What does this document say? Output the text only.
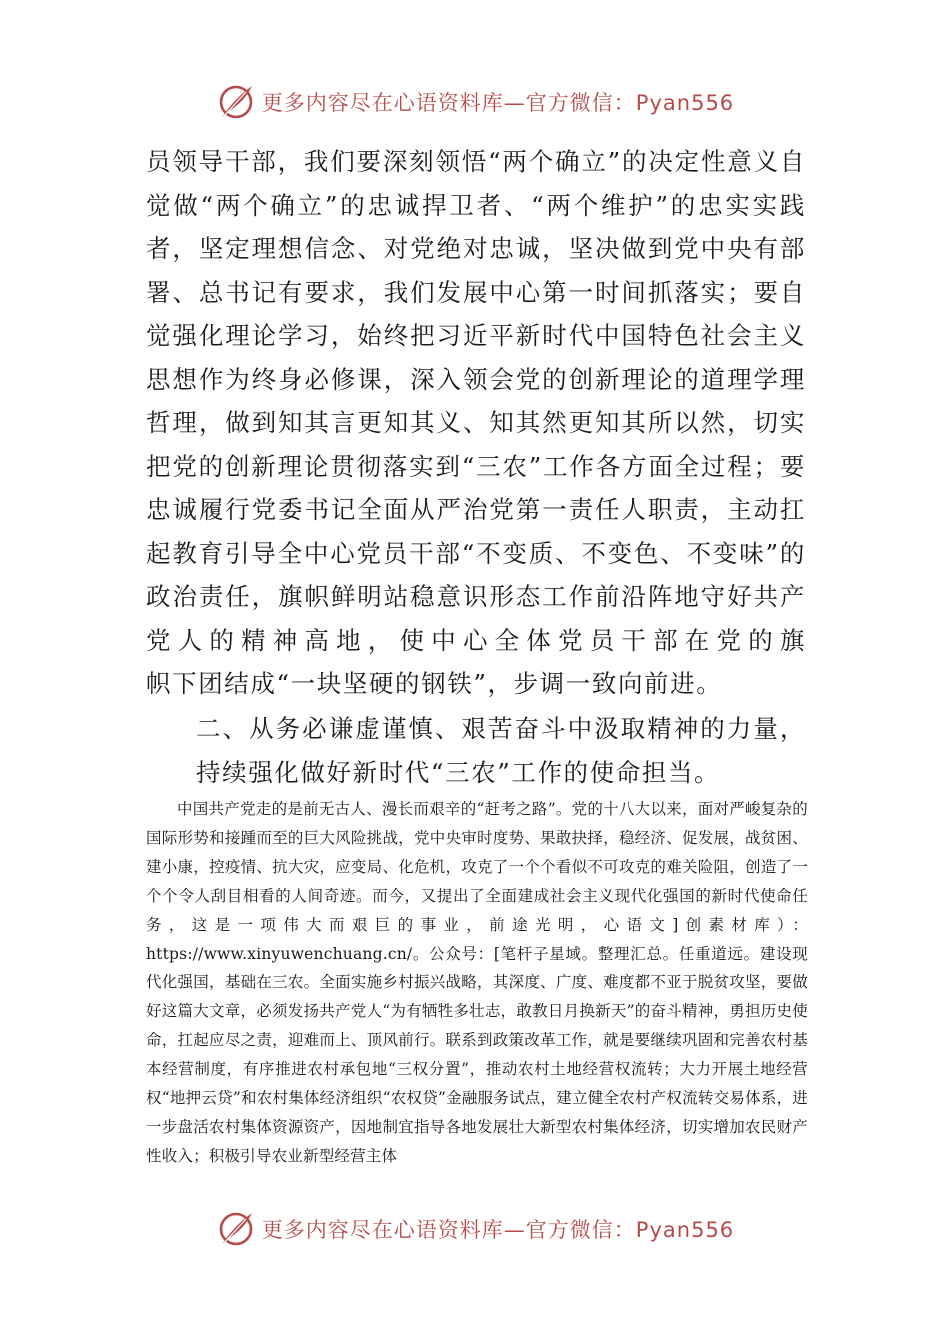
更多内容尽在心语资料库—官方微信：Pyan556

员领导干部，我们要深刻领悟“两个确立”的决定性意义自觉做“两个确立”的忠诚捍卫者、“两个维护”的忠实实践者，坚定理想信念、对党绝对忠诚，坚决做到党中央有部署、总书记有要求，我们发展中心第一时间抓落实；要自觉强化理论学习，始终把习近平新时代中国特色社会主义思想作为终身必修课，深入领会党的创新理论的道理学理哲理，做到知其言更知其义、知其然更知其所以然，切实把党的创新理论贯彻落实到“三农”工作各方面全过程；要忠诚履行党委书记全面从严治党第一责任人职责，主动扛起教育引导全中心党员干部“不变质、不变色、不变味”的政治责任，旗帜鲜明站稳意识形态工作前沿阵地守好共产党人的精神高地，使中心全体党员干部在党的旗
帜下团结成“一块坚硬的钢铁”，步调一致向前进。

二、从务必谦虚谨慎、艰苦奋斗中汲取精神的力量，
持续强化做好新时代“三农”工作的使命担当。

中国共产党走的是前无古人、漫长而艰辛的“赶考之路”。党的十八大以来，面对严峻复杂的国际形势和接踵而至的巨大风险挑战，党中央审时度势、果敢抉择，稳经济、促发展，战贫困、建小康，控疫情、抗大灾，应变局、化危机，攻克了一个个看似不可攻克的难关险阻，创造了一个个令人刮目相看的人间奇迹。而今，又提出了全面建成社会主义现代化强国的新时代使命任务，这是一项伟大而艰巨的事业，前途光明，心语文]创素材库）：https://www.xinyuwenchuang.cn/。公众号：[笔杆子星域。整理汇总。任重道远。建设现代化强国，基础在三农。全面实施乡村振兴战略，其深度、广度、难度都不亚于脱贫攻坚，要做好这篇大文章，必须发扬共产党人“为有牺牲多壮志，敢教日月换新天”的奋斗精神，勇担历史使命，扛起应尽之责，迎难而上、顶风前行。联系到政策改革工作，就是要继续巩固和完善农村基本经营制度，有序推进农村承包地“三权分置”，推动农村土地经营权流转；大力开展土地经营权“地押云贷”和农村集体经济组织“农权贷”金融服务试点，建立健全农村产权流转交易体系，进一步盘活农村集体资源资产，因地制宜指导各地发展壮大新型农村集体经济，切实增加农民财产性收入；积极引导农业新型经营主体

更多内容尽在心语资料库—官方微信：Pyan556
